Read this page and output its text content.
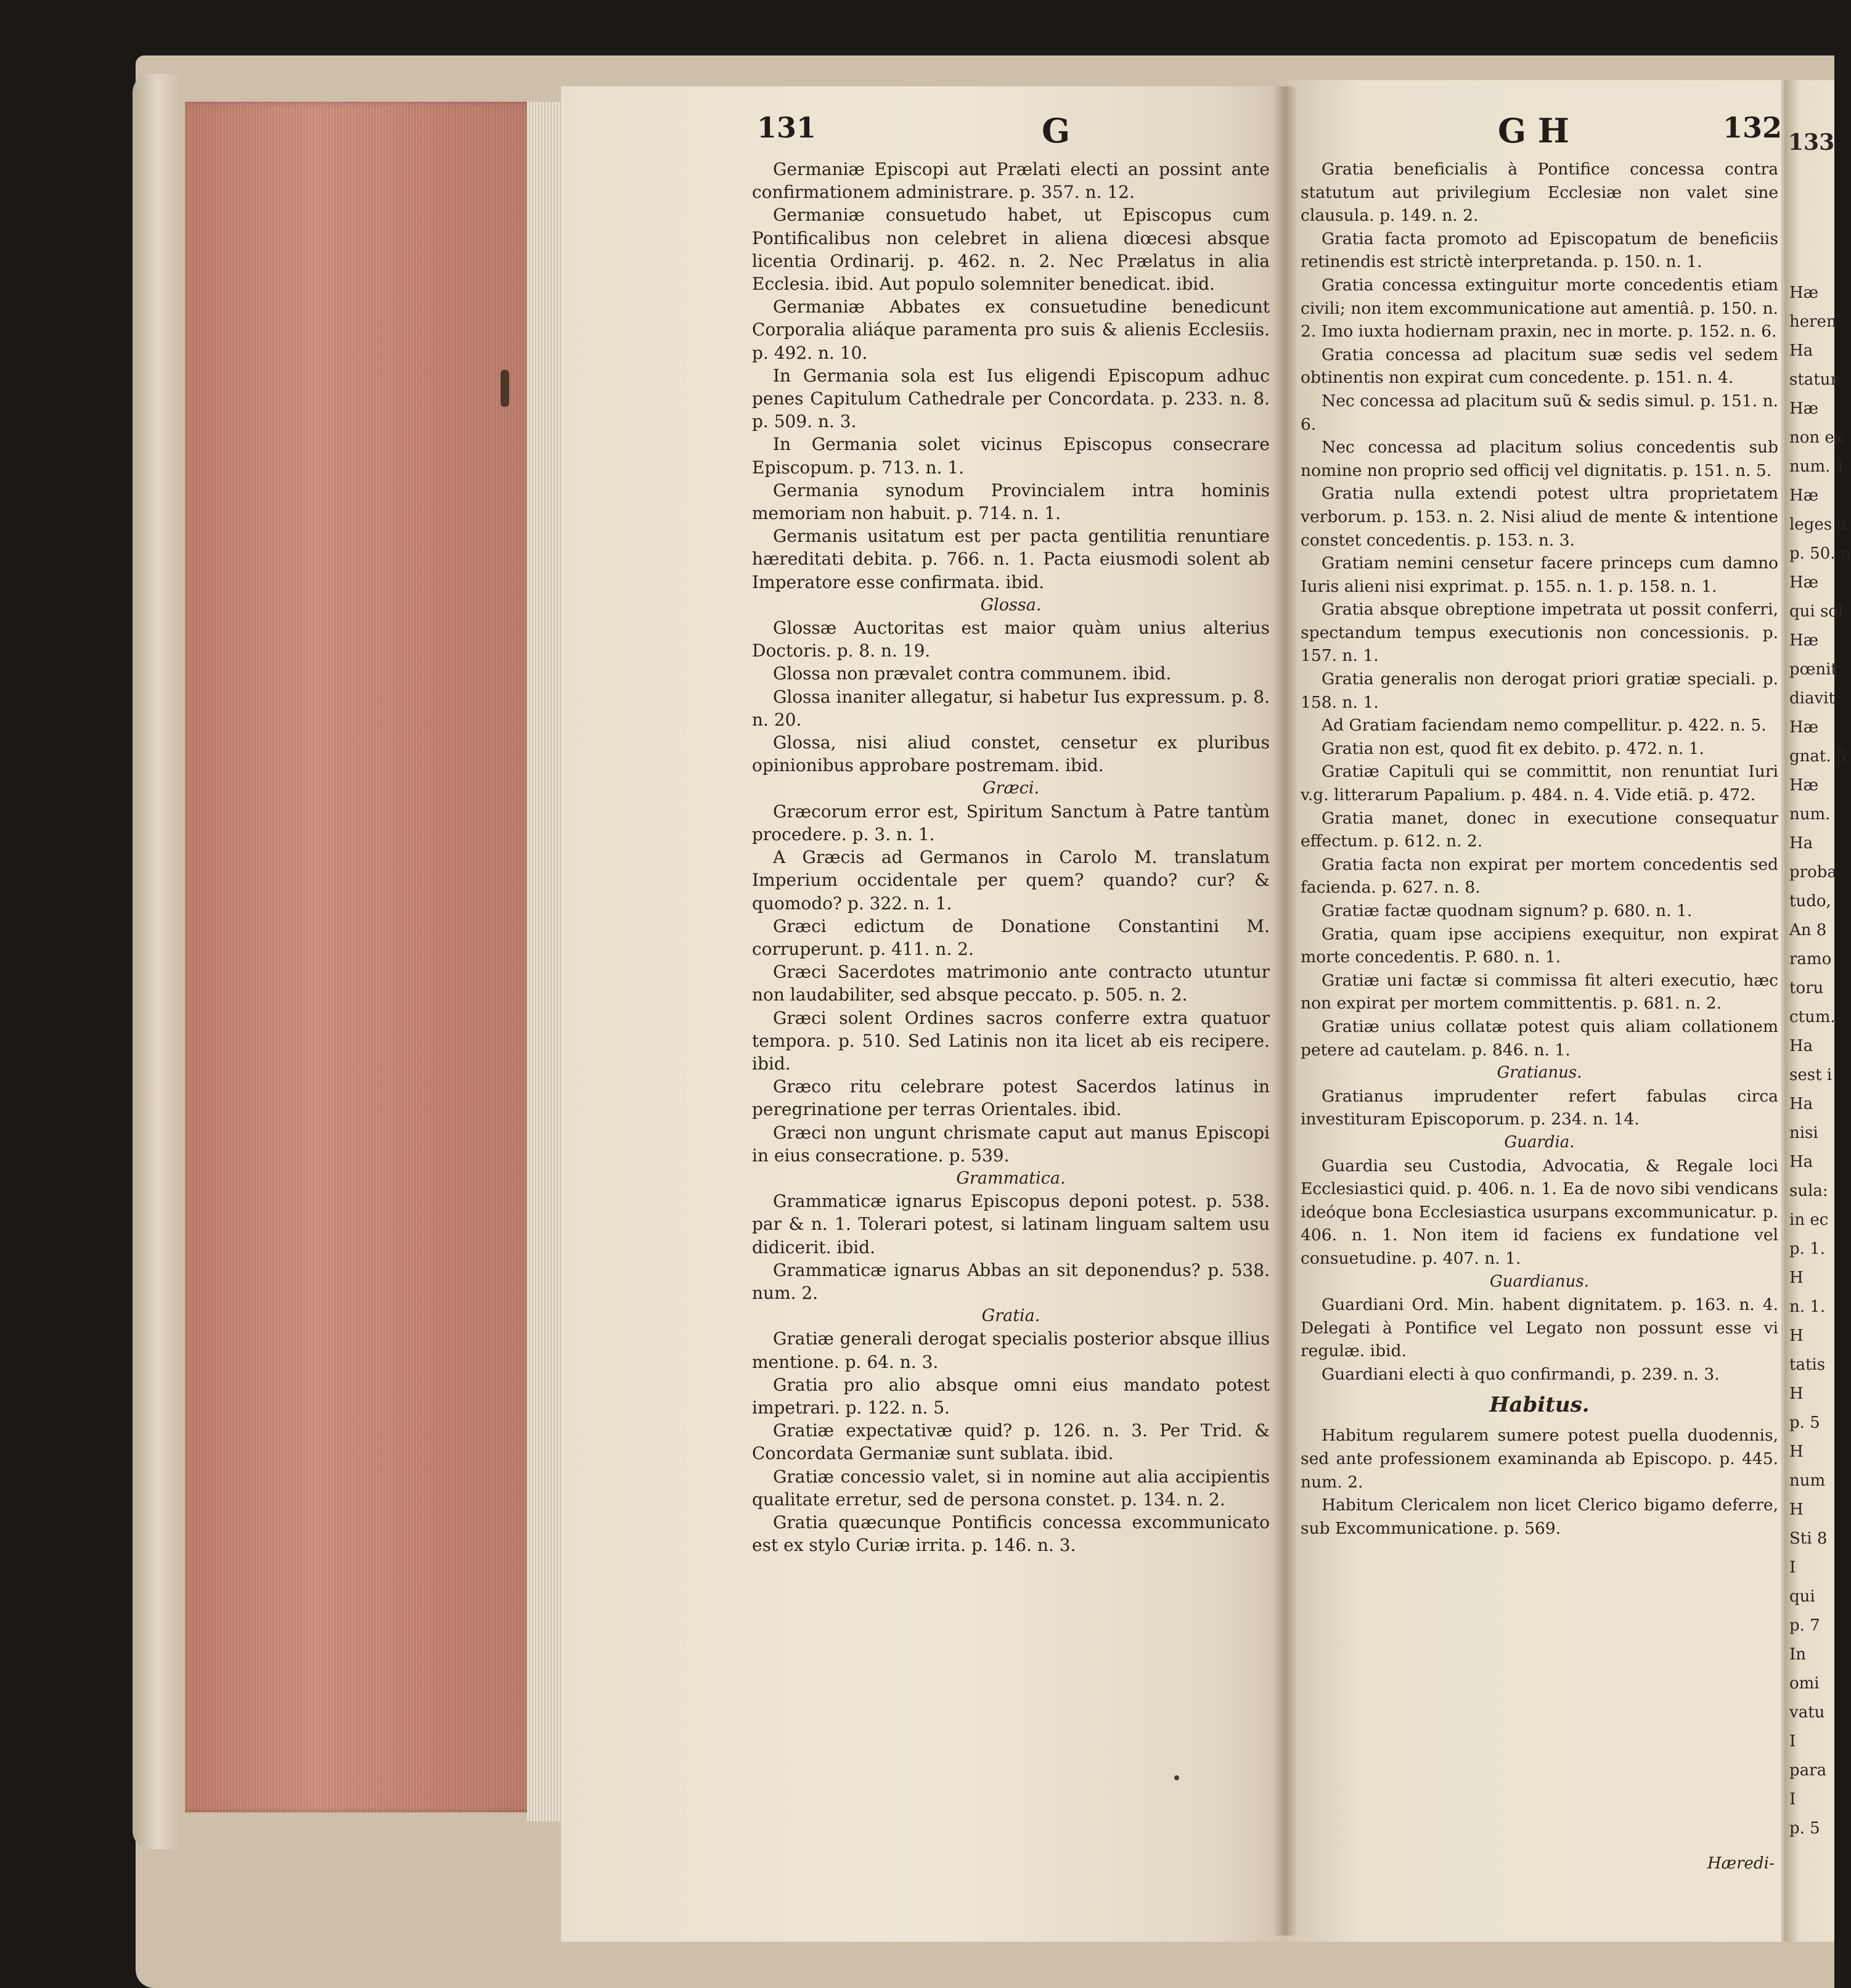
133
Hæ
heren
Ha
statur
Hæ
non ex
num. 1
Hæ
leges a
p. 50. n
Hæ
qui sol
Hæ
pœnit
diavit
Hæ
gnat. 5
Hæ
num.
Ha
proba
tudo,
An 8
ramo
toru
ctum.
Ha
sest i
Ha
nisi
Ha
sula:
in ec
p. 1.
H
n. 1.
H
tatis
H
p. 5
H
num
H
Sti 8
I
qui
p. 7
In
omi
vatu
I
para
I
p. 5
131	G	G H	132

Germaniæ Episcopi aut Prælati electi an possint ante confirmationem administrare. p. 357. n. 12.

Germaniæ consuetudo habet, ut Episcopus cum Pontificalibus non celebret in aliena diœcesi absque licentia Ordinarij. p. 462. n. 2. Nec Prælatus in alia Ecclesia. ibid. Aut populo solemniter benedicat. ibid.

Germaniæ Abbates ex consuetudine benedicunt Corporalia aliáque paramenta pro suis & alienis Ecclesiis. p. 492. n. 10.

In Germania sola est Ius eligendi Episcopum adhuc penes Capitulum Cathedrale per Concordata. p. 233. n. 8. p. 509. n. 3.

In Germania solet vicinus Episcopus consecrare Episcopum. p. 713. n. 1.

Germania synodum Provincialem intra hominis memoriam non habuit. p. 714. n. 1.

Germanis usitatum est per pacta gentilitia renuntiare hæreditati debita. p. 766. n. 1. Pacta eiusmodi solent ab Imperatore esse confirmata. ibid.

Glossa.

Glossæ Auctoritas est maior quàm unius alterius Doctoris. p. 8. n. 19.

Glossa non prævalet contra communem. ibid.

Glossa inaniter allegatur, si habetur Ius expressum. p. 8. n. 20.

Glossa, nisi aliud constet, censetur ex pluribus opinionibus approbare postremam. ibid.

Græci.

Græcorum error est, Spiritum Sanctum à Patre tantùm procedere. p. 3. n. 1.

A Græcis ad Germanos in Carolo M. translatum Imperium occidentale per quem? quando? cur? & quomodo? p. 322. n. 1.

Græci edictum de Donatione Constantini M. corruperunt. p. 411. n. 2.

Græci Sacerdotes matrimonio ante contracto utuntur non laudabiliter, sed absque peccato. p. 505. n. 2.

Græci solent Ordines sacros conferre extra quatuor tempora. p. 510. Sed Latinis non ita licet ab eis recipere. ibid.

Græco ritu celebrare potest Sacerdos latinus in peregrinatione per terras Orientales. ibid.

Græci non ungunt chrismate caput aut manus Episcopi in eius consecratione. p. 539.

Grammatica.

Grammaticæ ignarus Episcopus deponi potest. p. 538. par & n. 1. Tolerari potest, si latinam linguam saltem usu didicerit. ibid.

Grammaticæ ignarus Abbas an sit deponendus? p. 538. num. 2.

Gratia.

Gratiæ generali derogat specialis posterior absque illius mentione. p. 64. n. 3.

Gratia pro alio absque omni eius mandato potest impetrari. p. 122. n. 5.

Gratiæ expectativæ quid? p. 126. n. 3. Per Trid. & Concordata Germaniæ sunt sublata. ibid.

Gratiæ concessio valet, si in nomine aut alia accipientis qualitate erretur, sed de persona constet. p. 134. n. 2.

Gratia quæcunque Pontificis concessa excommunicato est ex stylo Curiæ irrita. p. 146. n. 3.

Gratia beneficialis à Pontifice concessa contra statutum aut privilegium Ecclesiæ non valet sine clausula. p. 149. n. 2.

Gratia facta promoto ad Episcopatum de beneficiis retinendis est strictè interpretanda. p. 150. n. 1.

Gratia concessa extinguitur morte concedentis etiam civili; non item excommunicatione aut amentiâ. p. 150. n. 2. Imo iuxta hodiernam praxin, nec in morte. p. 152. n. 6.

Gratia concessa ad placitum suæ sedis vel sedem obtinentis non expirat cum concedente. p. 151. n. 4.

Nec concessa ad placitum suũ & sedis simul. p. 151. n. 6.

Nec concessa ad placitum solius concedentis sub nomine non proprio sed officij vel dignitatis. p. 151. n. 5.

Gratia nulla extendi potest ultra proprietatem verborum. p. 153. n. 2. Nisi aliud de mente & intentione constet concedentis. p. 153. n. 3.

Gratiam nemini censetur facere princeps cum damno Iuris alieni nisi exprimat. p. 155. n. 1. p. 158. n. 1.

Gratia absque obreptione impetrata ut possit conferri, spectandum tempus executionis non concessionis. p. 157. n. 1.

Gratia generalis non derogat priori gratiæ speciali. p. 158. n. 1.

Ad Gratiam faciendam nemo compellitur. p. 422. n. 5.

Gratia non est, quod fit ex debito. p. 472. n. 1.

Gratiæ Capituli qui se committit, non renuntiat Iuri v.g. litterarum Papalium. p. 484. n. 4. Vide etiã. p. 472.

Gratia manet, donec in executione consequatur effectum. p. 612. n. 2.

Gratia facta non expirat per mortem concedentis sed facienda. p. 627. n. 8.

Gratiæ factæ quodnam signum? p. 680. n. 1.

Gratia, quam ipse accipiens exequitur, non expirat morte concedentis. P. 680. n. 1.

Gratiæ uni factæ si commissa fit alteri executio, hæc non expirat per mortem committentis. p. 681. n. 2.

Gratiæ unius collatæ potest quis aliam collationem petere ad cautelam. p. 846. n. 1.

Gratianus.

Gratianus imprudenter refert fabulas circa investituram Episcoporum. p. 234. n. 14.

Guardia.

Guardia seu Custodia, Advocatia, & Regale loci Ecclesiastici quid. p. 406. n. 1. Ea de novo sibi vendicans ideóque bona Ecclesiastica usurpans excommunicatur. p. 406. n. 1. Non item id faciens ex fundatione vel consuetudine. p. 407. n. 1.

Guardianus.

Guardiani Ord. Min. habent dignitatem. p. 163. n. 4. Delegati à Pontifice vel Legato non possunt esse vi regulæ. ibid.

Guardiani electi à quo confirmandi, p. 239. n. 3.

Habitus.

Habitum regularem sumere potest puella duodennis, sed ante professionem examinanda ab Episcopo. p. 445. num. 2.

Habitum Clericalem non licet Clerico bigamo deferre, sub Excommunicatione. p. 569.

Hæredi-
